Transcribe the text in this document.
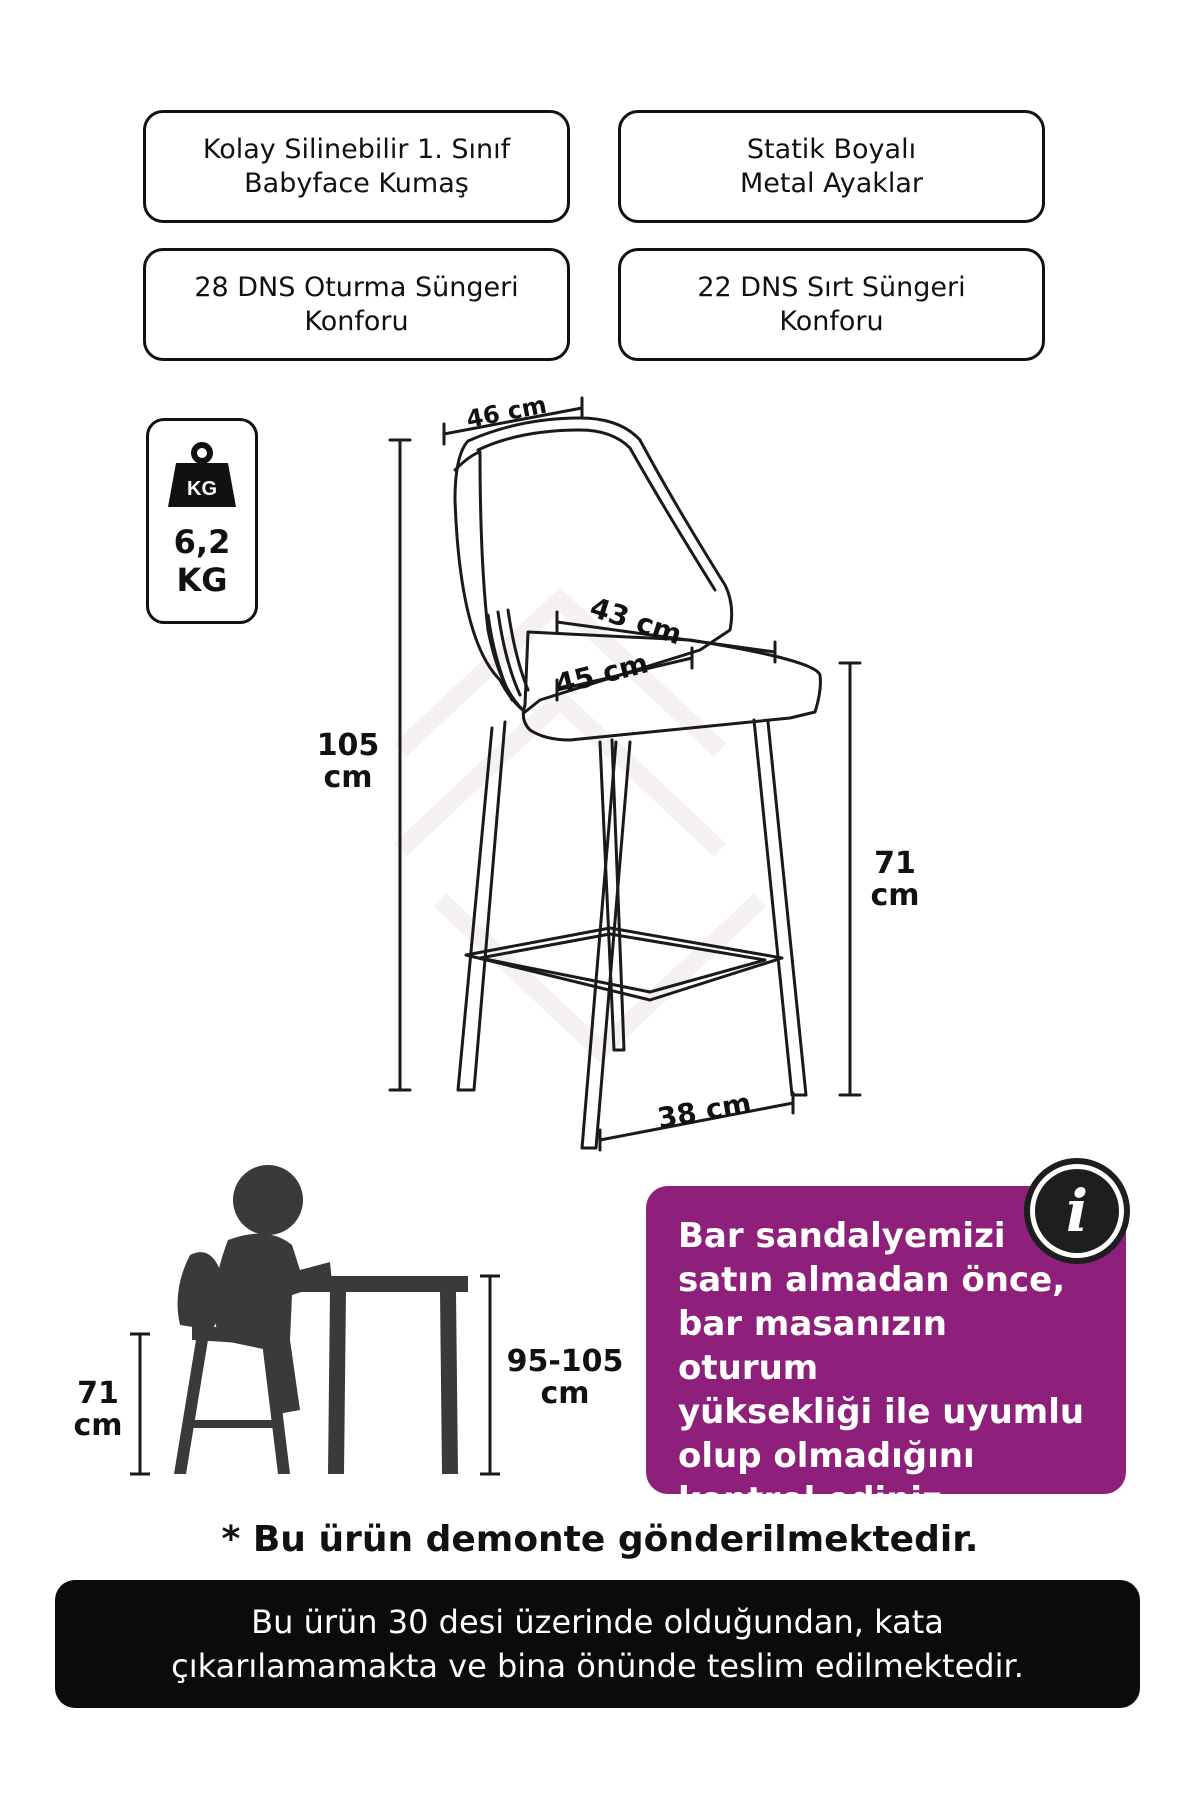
Kolay Silinebilir 1. Sınıf
Babyface Kumaş
Statik Boyalı
Metal Ayaklar
28 DNS Oturma Süngeri
Konforu
22 DNS Sırt Süngeri
Konforu
KG
6,2
KG
46 cm
43 cm
45 cm
38 cm
105
cm
71
cm
71
cm
95-105
cm
Bar sandalyemizi
satın almadan önce,
bar masanızın oturum
yüksekliği ile uyumlu
olup olmadığını
kontrol ediniz.
i
* Bu ürün demonte gönderilmektedir.
Bu ürün 30 desi üzerinde olduğundan, kata
çıkarılamamakta ve bina önünde teslim edilmektedir.
